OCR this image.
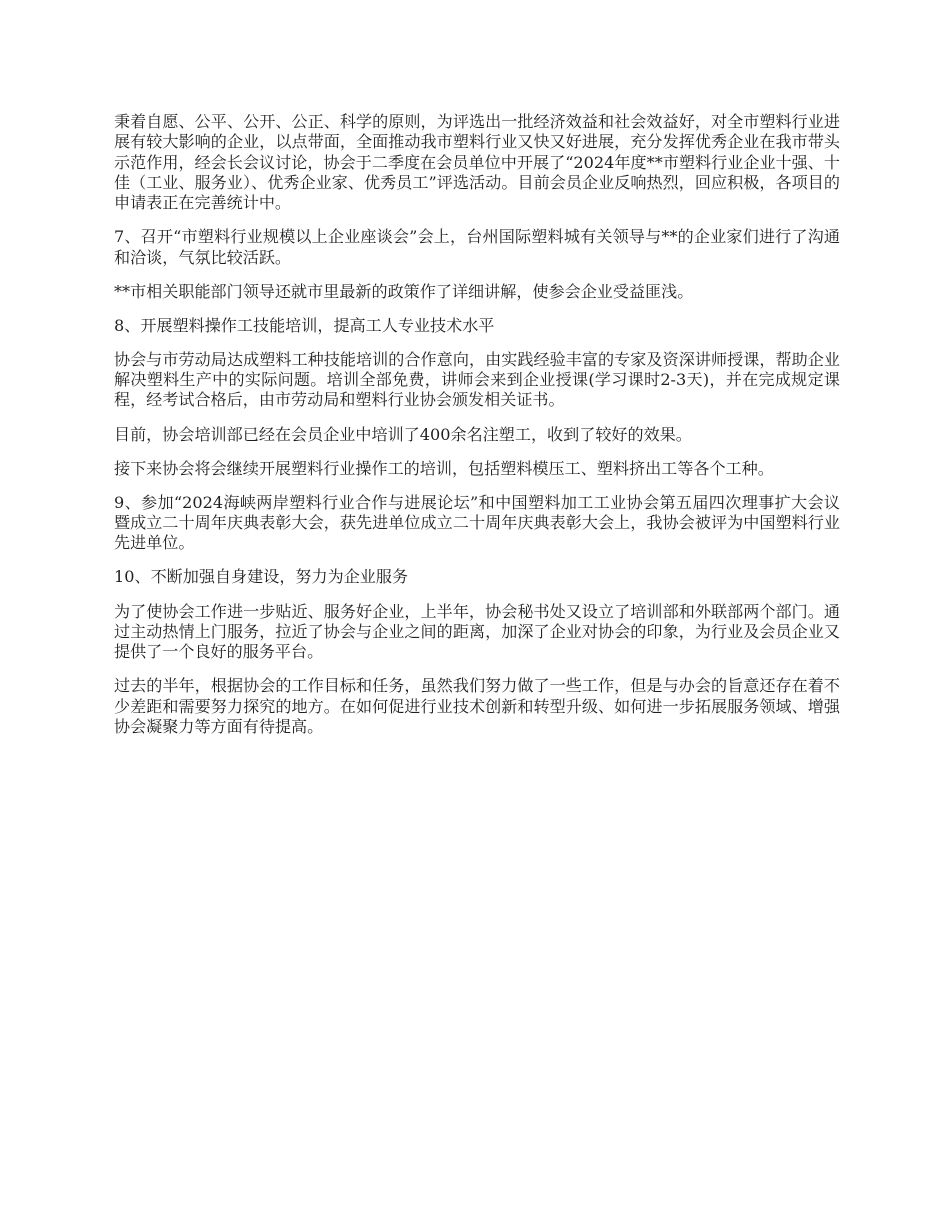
秉着自愿、公平、公开、公正、科学的原则，为评选出一批经济效益和社会效益好，对全市塑料行业进展有较大影响的企业，以点带面，全面推动我市塑料行业又快又好进展，充分发挥优秀企业在我市带头示范作用，经会长会议讨论，协会于二季度在会员单位中开展了“2024年度**市塑料行业企业十强、十佳（工业、服务业）、优秀企业家、优秀员工”评选活动。目前会员企业反响热烈，回应积极，各项目的申请表正在完善统计中。

7、召开“市塑料行业规模以上企业座谈会”会上，台州国际塑料城有关领导与**的企业家们进行了沟通和洽谈，气氛比较活跃。

**市相关职能部门领导还就市里最新的政策作了详细讲解，使参会企业受益匪浅。

8、开展塑料操作工技能培训，提高工人专业技术水平

协会与市劳动局达成塑料工种技能培训的合作意向，由实践经验丰富的专家及资深讲师授课，帮助企业解决塑料生产中的实际问题。培训全部免费，讲师会来到企业授课(学习课时2-3天)，并在完成规定课程，经考试合格后，由市劳动局和塑料行业协会颁发相关证书。

目前，协会培训部已经在会员企业中培训了400余名注塑工，收到了较好的效果。

接下来协会将会继续开展塑料行业操作工的培训，包括塑料模压工、塑料挤出工等各个工种。

9、参加“2024海峡两岸塑料行业合作与进展论坛”和中国塑料加工工业协会第五届四次理事扩大会议暨成立二十周年庆典表彰大会，获先进单位成立二十周年庆典表彰大会上，我协会被评为中国塑料行业先进单位。

10、不断加强自身建设，努力为企业服务

为了使协会工作进一步贴近、服务好企业，上半年，协会秘书处又设立了培训部和外联部两个部门。通过主动热情上门服务，拉近了协会与企业之间的距离，加深了企业对协会的印象，为行业及会员企业又提供了一个良好的服务平台。

过去的半年，根据协会的工作目标和任务，虽然我们努力做了一些工作，但是与办会的旨意还存在着不少差距和需要努力探究的地方。在如何促进行业技术创新和转型升级、如何进一步拓展服务领域、增强协会凝聚力等方面有待提高。
